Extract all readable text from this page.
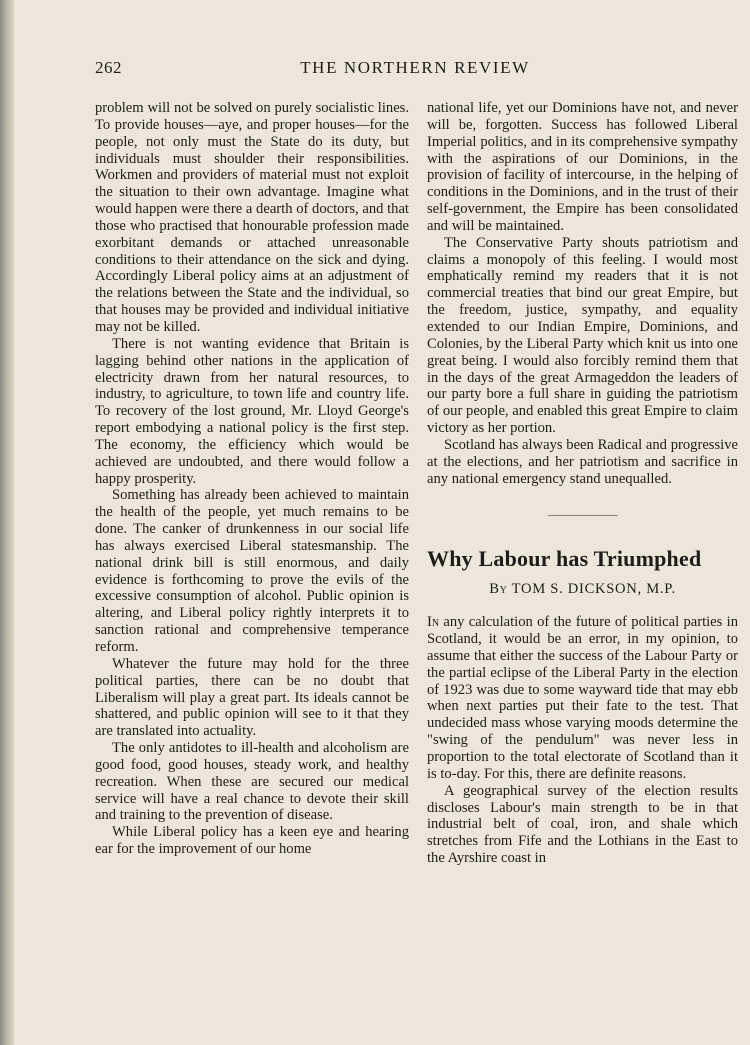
262	THE NORTHERN REVIEW

problem will not be solved on purely socialistic lines. To provide houses—aye, and proper houses—for the people, not only must the State do its duty, but individuals must shoulder their responsibilities. Workmen and providers of material must not exploit the situation to their own advantage. Imagine what would happen were there a dearth of doctors, and that those who practised that honourable profession made exorbitant demands or attached unreasonable conditions to their attendance on the sick and dying. Accordingly Liberal policy aims at an adjustment of the relations between the State and the individual, so that houses may be provided and individual initiative may not be killed.

There is not wanting evidence that Britain is lagging behind other nations in the application of electricity drawn from her natural resources, to industry, to agriculture, to town life and country life. To recovery of the lost ground, Mr. Lloyd George's report embodying a national policy is the first step. The economy, the efficiency which would be achieved are undoubted, and there would follow a happy prosperity.

Something has already been achieved to maintain the health of the people, yet much remains to be done. The canker of drunkenness in our social life has always exercised Liberal statesmanship. The national drink bill is still enormous, and daily evidence is forthcoming to prove the evils of the excessive consumption of alcohol. Public opinion is altering, and Liberal policy rightly interprets it to sanction rational and comprehensive temperance reform.

Whatever the future may hold for the three political parties, there can be no doubt that Liberalism will play a great part. Its ideals cannot be shattered, and public opinion will see to it that they are translated into actuality.

The only antidotes to ill-health and alcoholism are good food, good houses, steady work, and healthy recreation. When these are secured our medical service will have a real chance to devote their skill and training to the prevention of disease.

While Liberal policy has a keen eye and hearing ear for the improvement of our home

national life, yet our Dominions have not, and never will be, forgotten. Success has followed Liberal Imperial politics, and in its comprehensive sympathy with the aspirations of our Dominions, in the provision of facility of intercourse, in the helping of conditions in the Dominions, and in the trust of their self-government, the Empire has been consolidated and will be maintained.

The Conservative Party shouts patriotism and claims a monopoly of this feeling. I would most emphatically remind my readers that it is not commercial treaties that bind our great Empire, but the freedom, justice, sympathy, and equality extended to our Indian Empire, Dominions, and Colonies, by the Liberal Party which knit us into one great being. I would also forcibly remind them that in the days of the great Armageddon the leaders of our party bore a full share in guiding the patriotism of our people, and enabled this great Empire to claim victory as her portion.

Scotland has always been Radical and progressive at the elections, and her patriotism and sacrifice in any national emergency stand unequalled.

Why Labour has Triumphed
By TOM S. DICKSON, M.P.

In any calculation of the future of political parties in Scotland, it would be an error, in my opinion, to assume that either the success of the Labour Party or the partial eclipse of the Liberal Party in the election of 1923 was due to some wayward tide that may ebb when next parties put their fate to the test. That undecided mass whose varying moods determine the "swing of the pendulum" was never less in proportion to the total electorate of Scotland than it is to-day. For this, there are definite reasons.

A geographical survey of the election results discloses Labour's main strength to be in that industrial belt of coal, iron, and shale which stretches from Fife and the Lothians in the East to the Ayrshire coast in
